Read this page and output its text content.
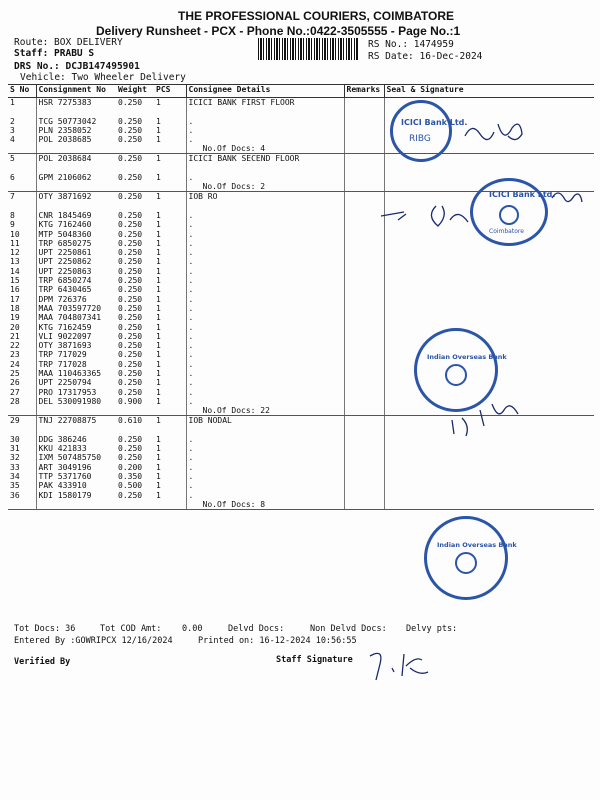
THE PROFESSIONAL COURIERS, COIMBATORE
Delivery Runsheet - PCX - Phone No.:0422-3505555 - Page No.:1
Route: BOX DELIVERY
Staff: PRABU S
DRS No.: DCJB147495901
Vehicle: Two Wheeler Delivery
RS No.: 1474959
RS Date: 16-Dec-2024
S No	Consignment No	Weight	PCS	Consignee Details	Remarks	Seal & Signature
1	HSR 7275383	0.250	1	ICICI BANK FIRST FLOOR		

2	TCG 50773042	0.250	1	.		
3	PLN 2358052	0.250	1	.		
4	POL 2038685	0.250	1	.		
				No.Of Docs: 4		
5	POL 2038684	0.250	1	ICICI BANK SECEND FLOOR		

6	GPM 2106062	0.250	1	.		
				No.Of Docs: 2		
7	OTY 3871692	0.250	1	IOB RO		

8	CNR 1845469	0.250	1	.		
9	KTG 7162460	0.250	1	.		
10	MTP 5048360	0.250	1	.		
11	TRP 6850275	0.250	1	.		
12	UPT 2250861	0.250	1	.		
13	UPT 2250862	0.250	1	.		
14	UPT 2250863	0.250	1	.		
15	TRP 6850274	0.250	1	.		
16	TRP 6430465	0.250	1	.		
17	DPM 726376	0.250	1	.		
18	MAA 703597720	0.250	1	.		
19	MAA 704807341	0.250	1	.		
20	KTG 7162459	0.250	1	.		
21	VLI 9022097	0.250	1	.		
22	OTY 3871693	0.250	1	.		
23	TRP 717029	0.250	1	.		
24	TRP 717028	0.250	1	.		
25	MAA 110463365	0.250	1	.		
26	UPT 2250794	0.250	1	.		
27	PRO 17317953	0.250	1	.		
28	DEL 530091980	0.900	1	.		
				No.Of Docs: 22		
29	TNJ 22708875	0.610	1	IOB NODAL		

30	DDG 386246	0.250	1	.		
31	KKU 421833	0.250	1	.		
32	IXM 507485750	0.250	1	.		
33	ART 3049196	0.200	1	.		
34	TTP 5371760	0.350	1	.		
35	PAK 433910	0.500	1	.		
36	KDI 1580179	0.250	1	.		
				No.Of Docs: 8		
Tot Docs: 36	Tot COD Amt: 0.00	Delvd Docs:	Non Delvd Docs: Delvy pts:
Entered By :GOWRIPCX 12/16/2024	Printed on: 16-12-2024 10:56:55
Verified By	Staff Signature
ICICI Bank Ltd.
RIBG
ICICI Bank Ltd.
Coimbatore
Indian Overseas Bank
Indian Overseas Bank
